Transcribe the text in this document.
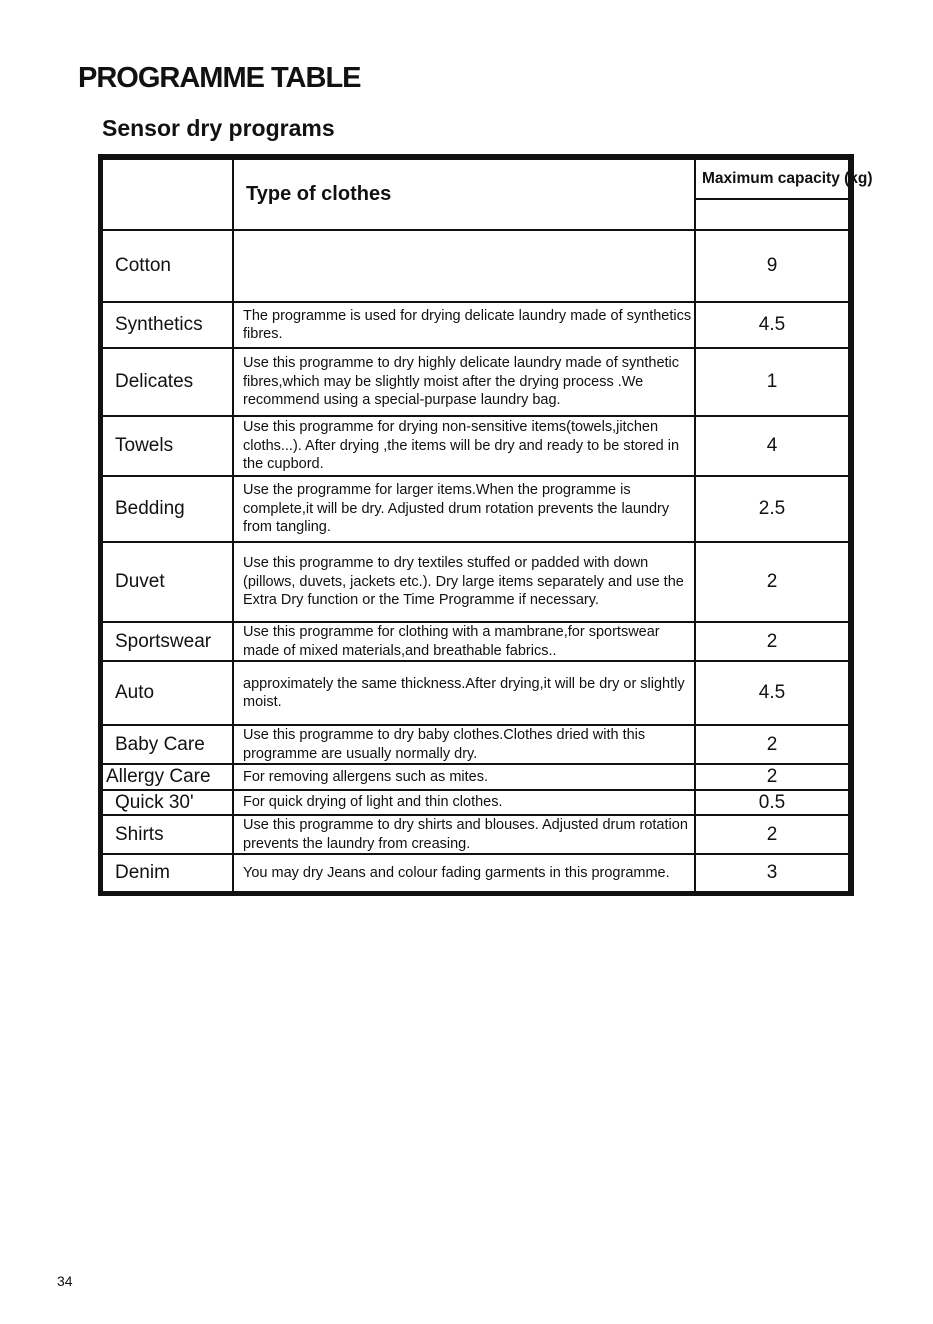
PROGRAMME TABLE
Sensor dry programs
	Type of clothes	Maximum capacity (kg)

Cotton		9
Synthetics	The programme is used for drying delicate laundry made of synthetics fibres.	4.5
Delicates	Use this programme to dry highly delicate laundry made of synthetic fibres,which may be slightly moist after the drying process .We recommend using a special-purpase laundry bag.	1
Towels	Use this programme for drying non-sensitive items(towels,jitchen cloths...). After drying ,the items will be dry and ready to be stored in the cupbord.	4
Bedding	Use the programme for larger items.When the programme is complete,it will be dry. Adjusted drum rotation prevents the laundry from tangling.	2.5
Duvet	Use this programme to dry textiles stuffed or padded with down (pillows, duvets, jackets etc.). Dry large items separately and use the Extra Dry function or the Time Programme if necessary.	2
Sportswear	Use this programme for clothing with a mambrane,for sportswear made of mixed materials,and breathable fabrics..	2
Auto	approximately the same thickness.After drying,it will be dry or slightly moist.	4.5
Baby Care	Use this programme to dry baby clothes.Clothes dried with this programme are usually normally dry.	2
Allergy Care	For removing allergens such as mites.	2
Quick 30'	For quick drying of light and thin clothes.	0.5
Shirts	Use this programme to dry shirts and blouses. Adjusted drum rotation prevents the laundry from creasing.	2
Denim	You may dry Jeans and colour fading garments in this programme.	3
34
